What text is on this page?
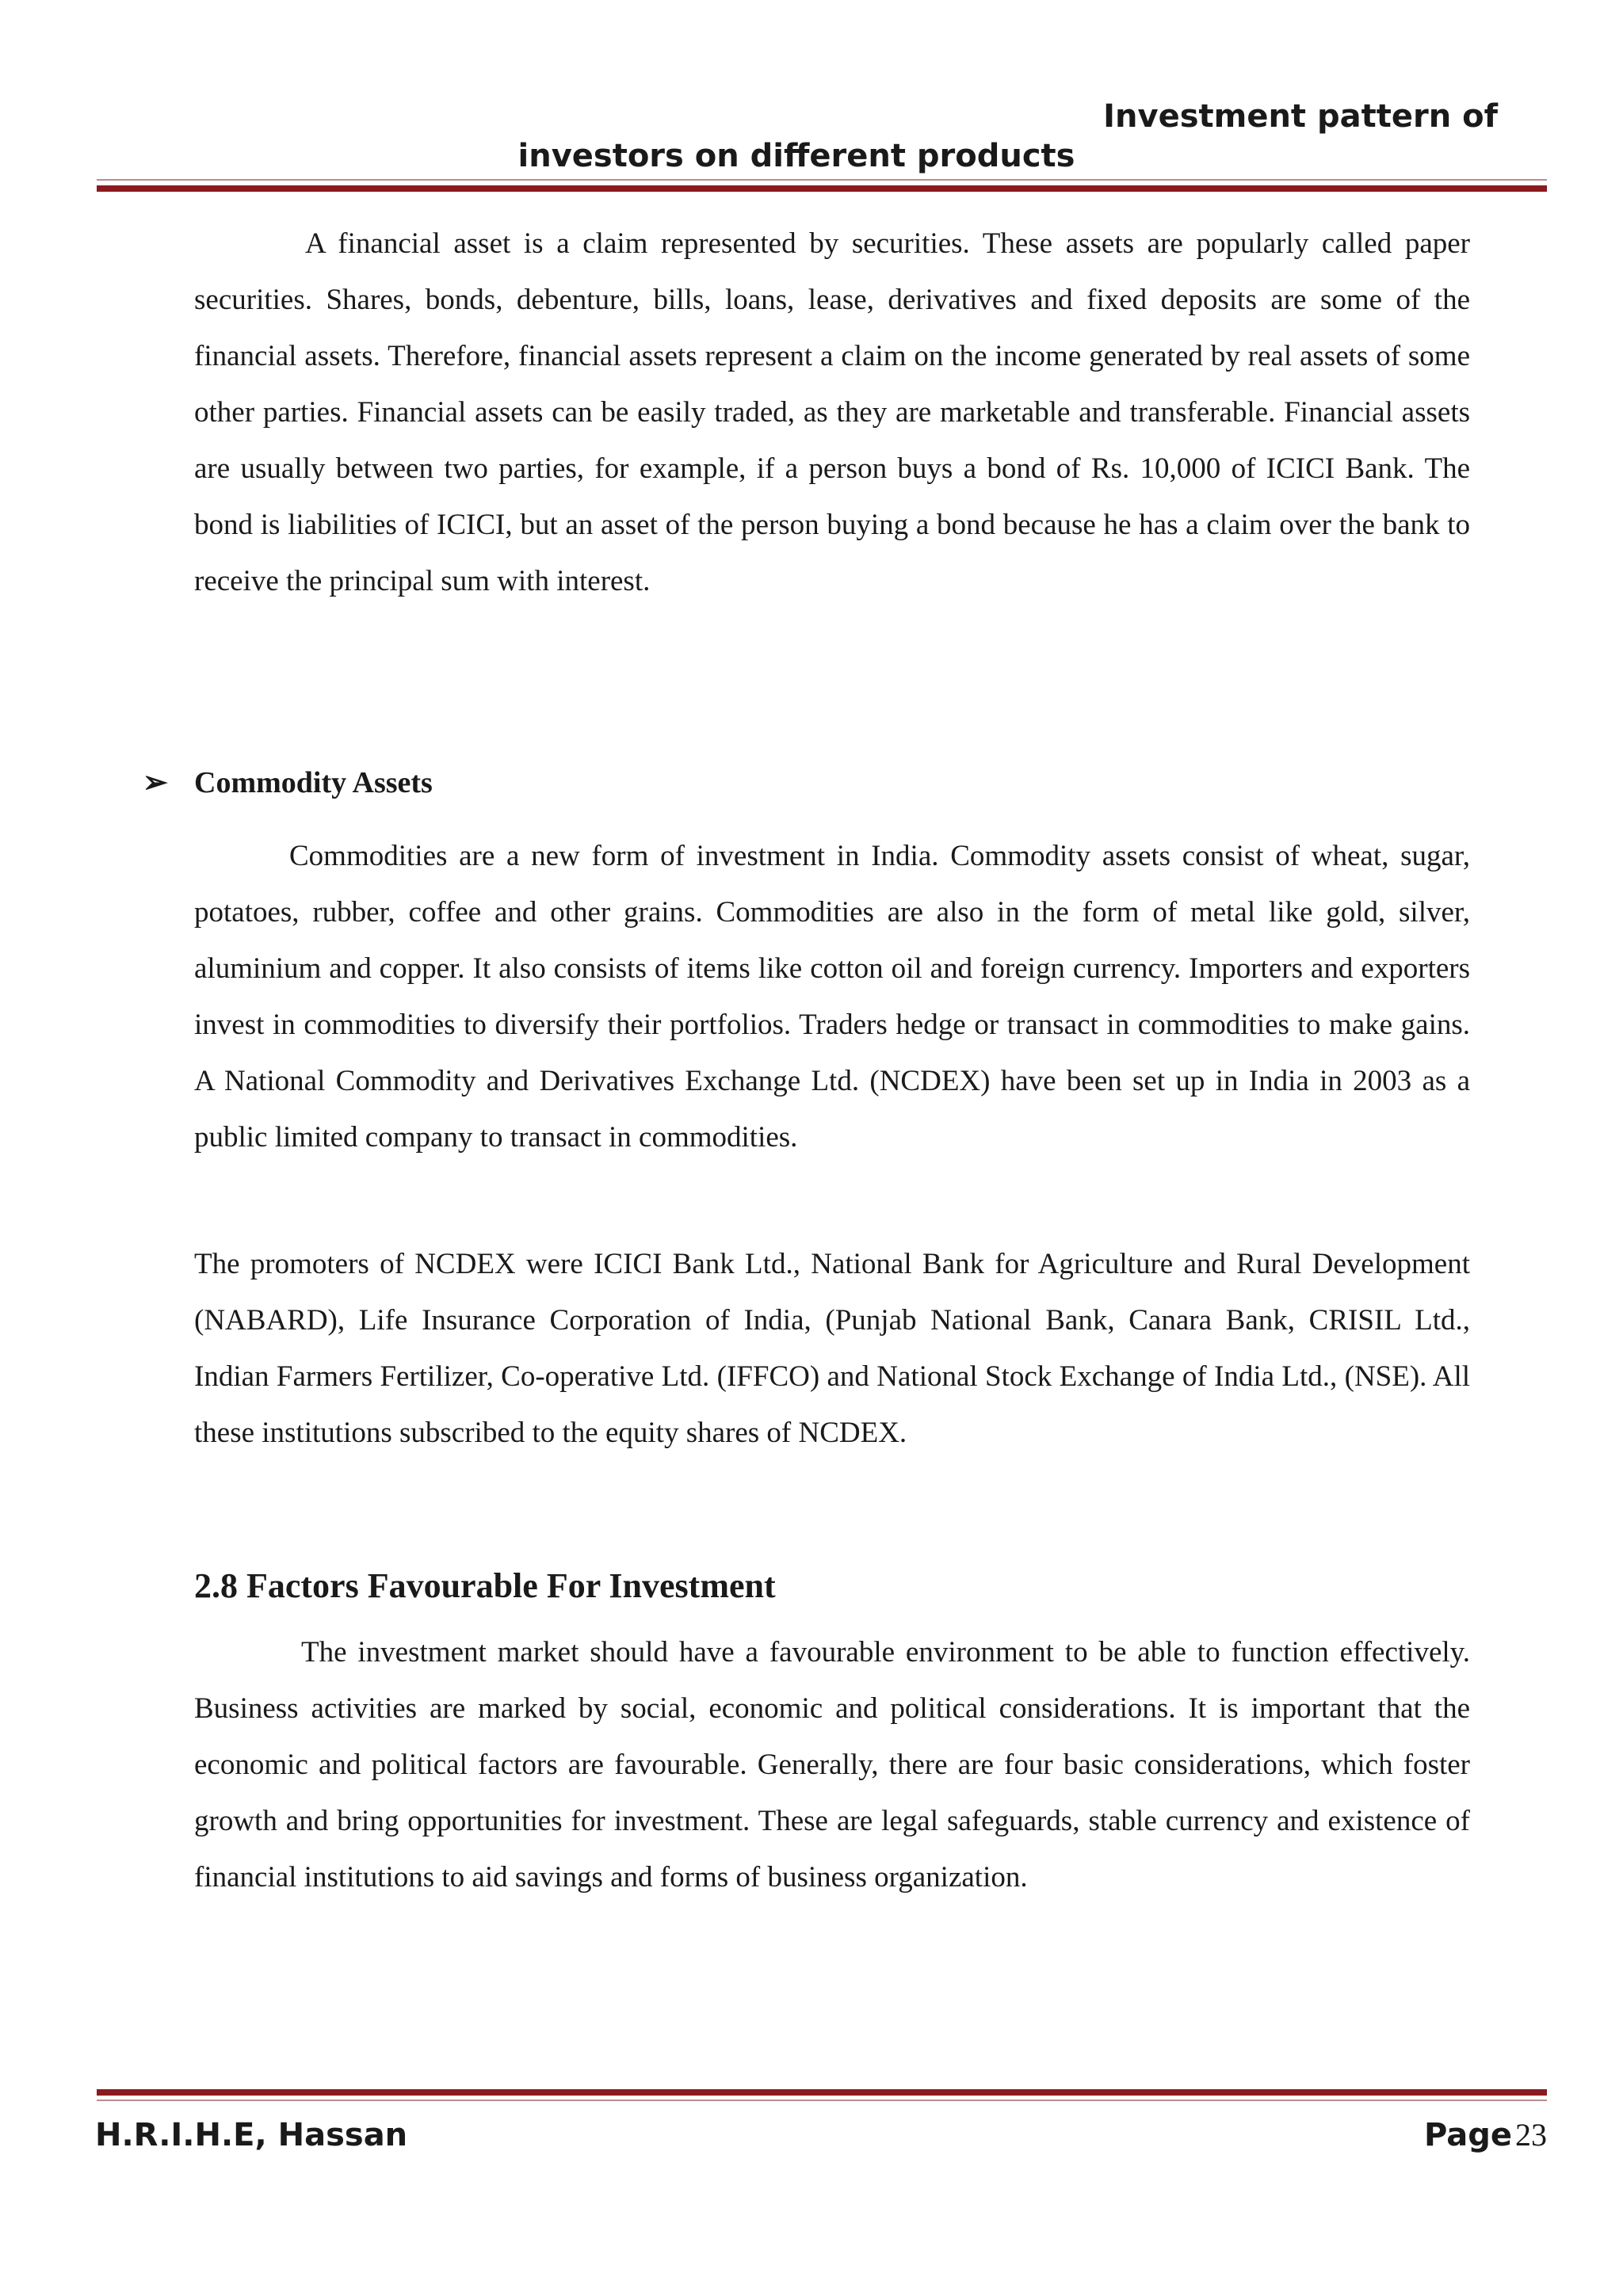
Investment pattern of
investors on different products

A financial asset is a claim represented by securities. These assets are popularly called paper securities. Shares, bonds, debenture, bills, loans, lease, derivatives and fixed deposits are some of the financial assets. Therefore, financial assets represent a claim on the income generated by real assets of some other parties. Financial assets can be easily traded, as they are marketable and transferable. Financial assets are usually between two parties, for example, if a person buys a bond of Rs. 10,000 of ICICI Bank. The bond is liabilities of ICICI, but an asset of the person buying a bond because he has a claim over the bank to receive the principal sum with interest.

➢ Commodity Assets

Commodities are a new form of investment in India. Commodity assets consist of wheat, sugar, potatoes, rubber, coffee and other grains. Commodities are also in the form of metal like gold, silver, aluminium and copper. It also consists of items like cotton oil and foreign currency. Importers and exporters invest in commodities to diversify their portfolios. Traders hedge or transact in commodities to make gains. A National Commodity and Derivatives Exchange Ltd. (NCDEX) have been set up in India in 2003 as a public limited company to transact in commodities.

The promoters of NCDEX were ICICI Bank Ltd., National Bank for Agriculture and Rural Development (NABARD), Life Insurance Corporation of India, (Punjab National Bank, Canara Bank, CRISIL Ltd., Indian Farmers Fertilizer, Co-operative Ltd. (IFFCO) and National Stock Exchange of India Ltd., (NSE). All these institutions subscribed to the equity shares of NCDEX.

2.8 Factors Favourable For Investment

The investment market should have a favourable environment to be able to function effectively. Business activities are marked by social, economic and political considerations. It is important that the economic and political factors are favourable. Generally, there are four basic considerations, which foster growth and bring opportunities for investment. These are legal safeguards, stable currency and existence of financial institutions to aid savings and forms of business organization.

H.R.I.H.E, Hassan	Page 23
